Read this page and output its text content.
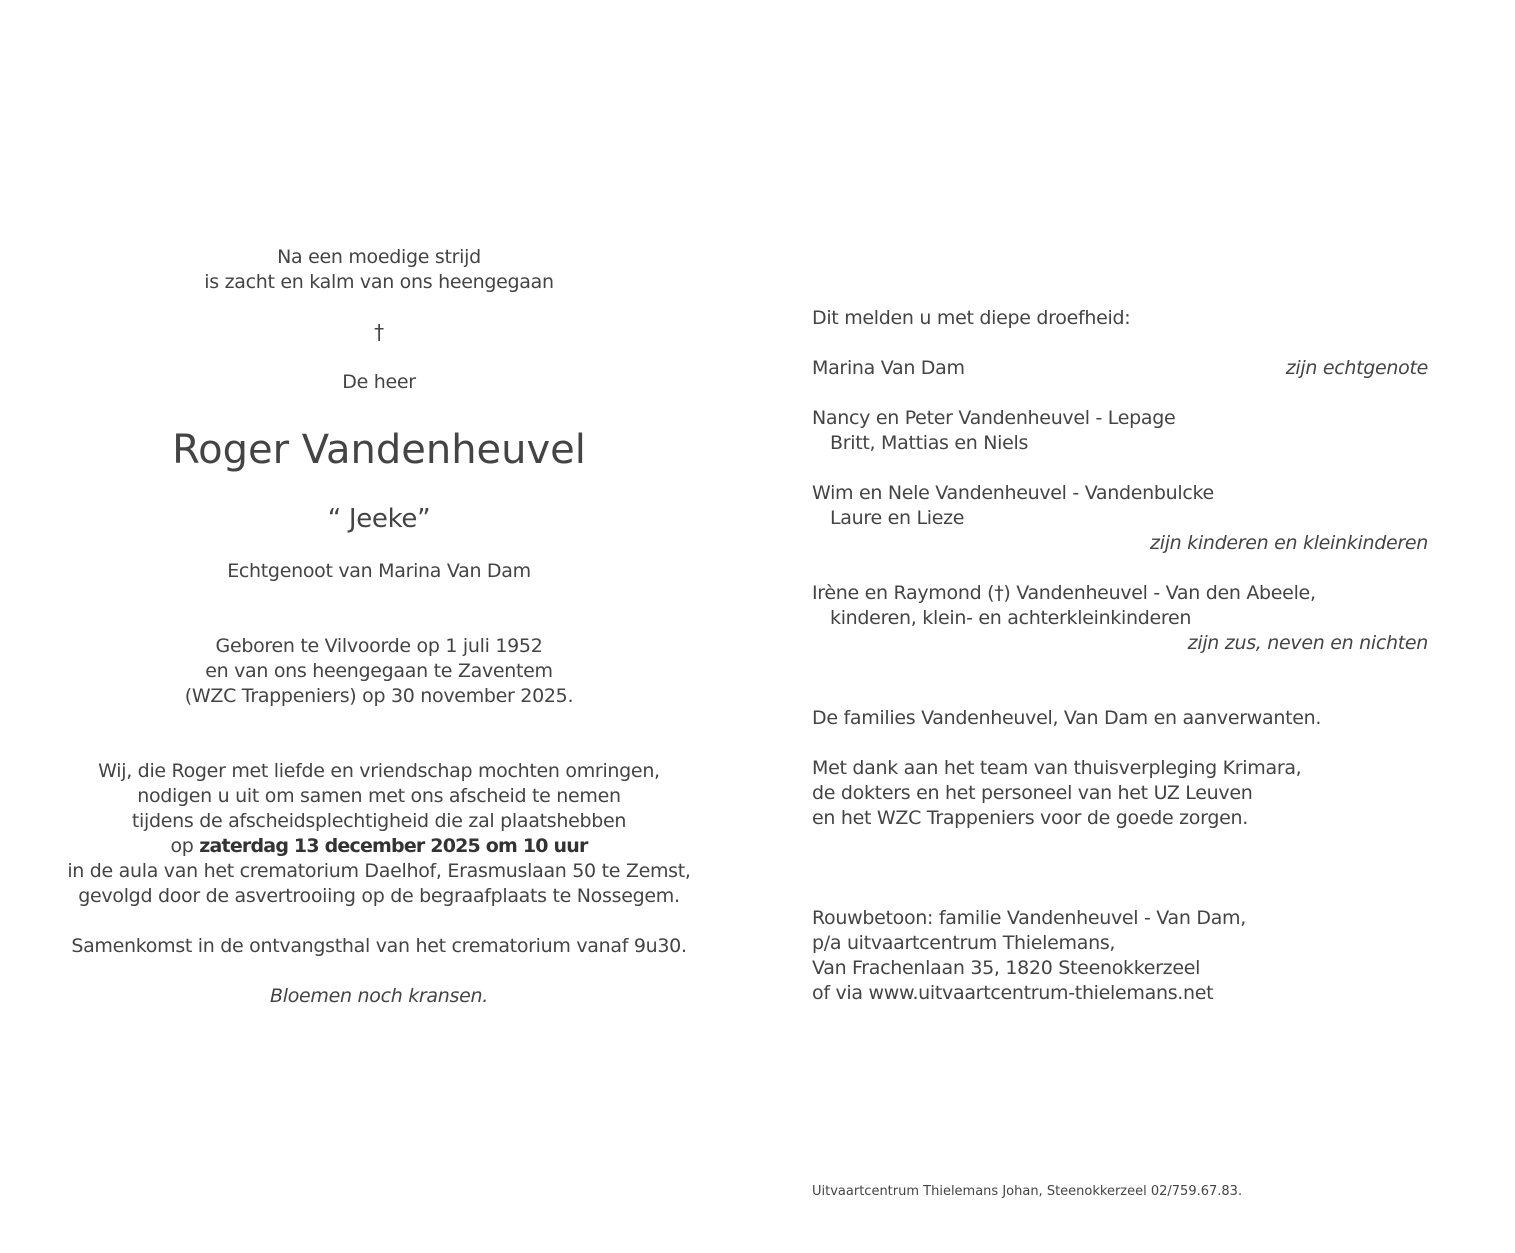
Na een moedige strijd
is zacht en kalm van ons heengegaan
†
De heer
Roger Vandenheuvel
“ Jeeke”
Echtgenoot van Marina Van Dam
Geboren te Vilvoorde op 1 juli 1952
en van ons heengegaan te Zaventem
(WZC Trappeniers) op 30 november 2025.
Wij, die Roger met liefde en vriendschap mochten omringen,
nodigen u uit om samen met ons afscheid te nemen
tijdens de afscheidsplechtigheid die zal plaatshebben
op zaterdag 13 december 2025 om 10 uur
in de aula van het crematorium Daelhof, Erasmuslaan 50 te Zemst,
gevolgd door de asvertrooiing op de begraafplaats te Nossegem.
Samenkomst in de ontvangsthal van het crematorium vanaf 9u30.
Bloemen noch kransen.
Dit melden u met diepe droefheid:
Marina Van Dam	zijn echtgenote
Nancy en Peter Vandenheuvel - Lepage
Britt, Mattias en Niels
Wim en Nele Vandenheuvel - Vandenbulcke
Laure en Lieze
zijn kinderen en kleinkinderen
Irène en Raymond (†) Vandenheuvel - Van den Abeele,
kinderen, klein- en achterkleinkinderen
zijn zus, neven en nichten
De families Vandenheuvel, Van Dam en aanverwanten.
Met dank aan het team van thuisverpleging Krimara,
de dokters en het personeel van het UZ Leuven
en het WZC Trappeniers voor de goede zorgen.
Rouwbetoon: familie Vandenheuvel - Van Dam,
p/a uitvaartcentrum Thielemans,
Van Frachenlaan 35, 1820 Steenokkerzeel
of via www.uitvaartcentrum-thielemans.net
Uitvaartcentrum Thielemans Johan, Steenokkerzeel 02/759.67.83.
